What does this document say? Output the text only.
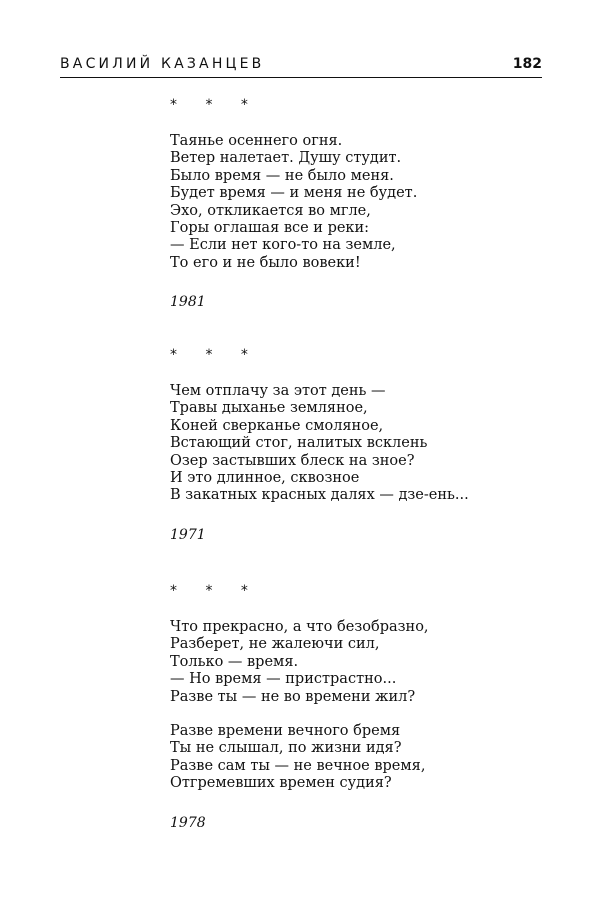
ВАСИЛИЙ КАЗАНЦЕВ	182
* * *
Таянье осеннего огня.
Ветер налетает. Душу студит.
Было время — не было меня.
Будет время — и меня не будет.
Эхо, откликается во мгле,
Горы оглашая все и реки:
— Если нет кого-то на земле,
То его и не было вовеки!
1981
* * *
Чем отплачу за этот день —
Травы дыханье земляное,
Коней сверканье смоляное,
Встающий стог, налитых всклень
Озер застывших блеск на зное?
И это длинное, сквозное
В закатных красных далях — дзе-ень...
1971
* * *
Что прекрасно, а что безобразно,
Разберет, не жалеючи сил,
Только — время.
— Но время — пристрастно...
Разве ты — не во времени жил?
Разве времени вечного бремя
Ты не слышал, по жизни идя?
Разве сам ты — не вечное время,
Отгремевших времен судия?
1978
